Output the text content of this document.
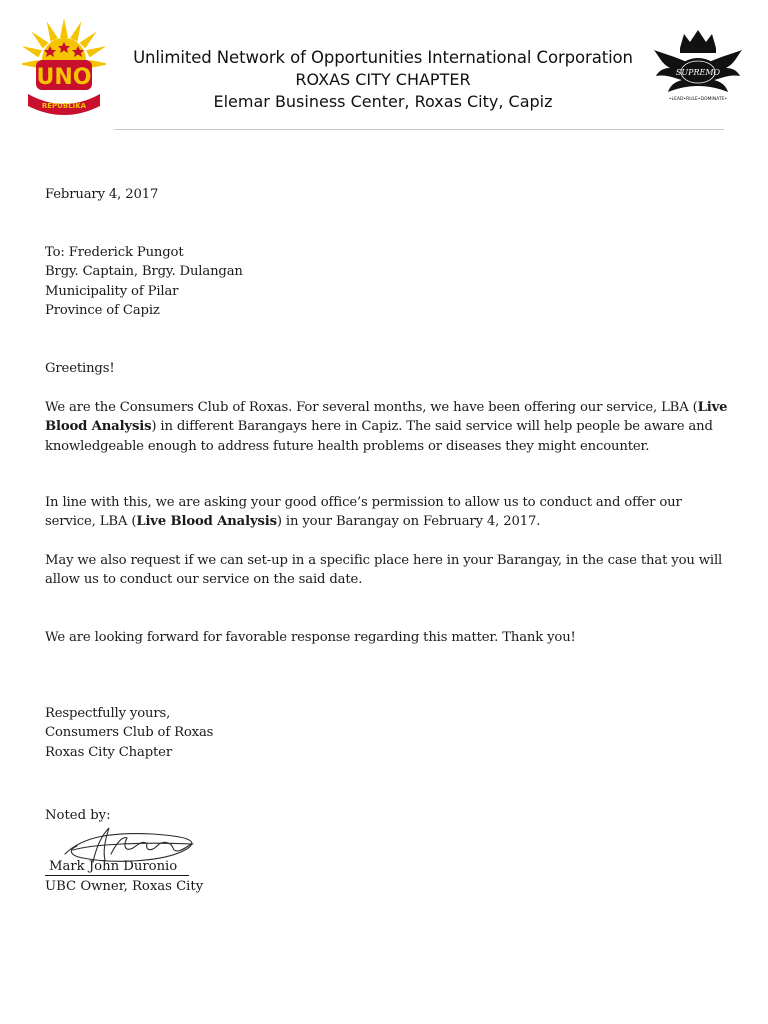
UNO
REPUBLIKA
Unlimited Network of Opportunities International Corporation
ROXAS CITY CHAPTER
Elemar Business Center, Roxas City, Capiz
SUPREMO
•LEAD•RULE•DOMINATE•

February 4, 2017

To: Frederick Pungot

Brgy. Captain, Brgy. Dulangan

Municipality of Pilar

Province of Capiz

Greetings!

We are the Consumers Club of Roxas. For several months, we have been offering our service, LBA (Live Blood Analysis) in different Barangays here in Capiz. The said service will help people be aware and knowledgeable enough to address future health problems or diseases they might encounter.

In line with this, we are asking your good office’s permission to allow us to conduct and offer our service, LBA (Live Blood Analysis) in your Barangay on February 4, 2017.

May we also request if we can set-up in a specific place here in your Barangay, in the case that you will allow us to conduct our service on the said date.

We are looking forward for favorable response regarding this matter. Thank you!

Respectfully yours,

Consumers Club of Roxas

Roxas City Chapter

Noted by:
Mark John Duronio
UBC Owner, Roxas City
